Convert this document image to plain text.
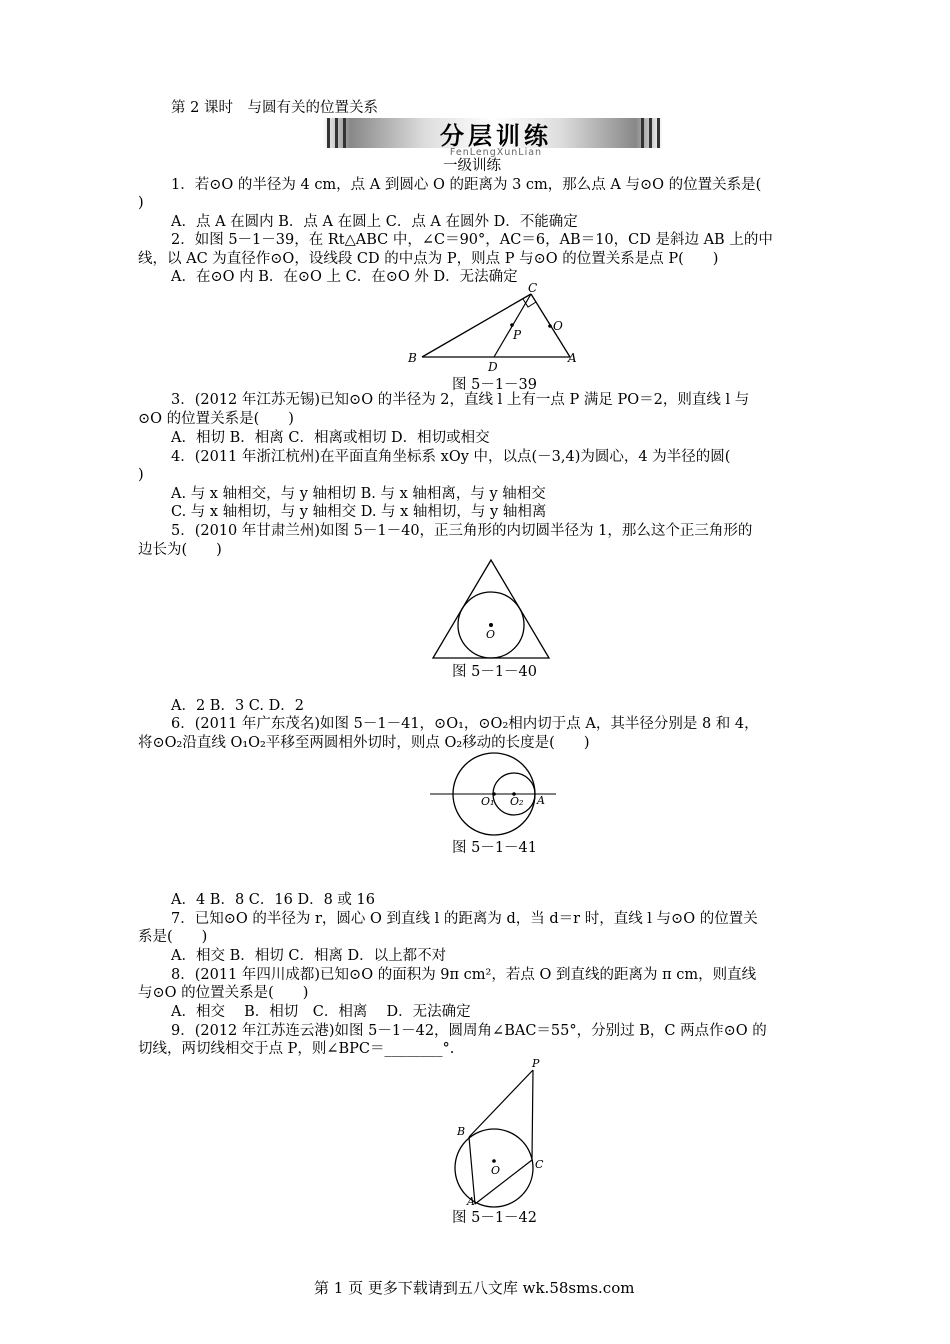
第 2 课时　与圆有关的位置关系
分层训练
FenLengXunLian
一级训练
1．若⊙O 的半径为 4 cm，点 A 到圆心 O 的距离为 3 cm，那么点 A 与⊙O 的位置关系是(
)
A．点 A 在圆内 B．点 A 在圆上 C．点 A 在圆外 D．不能确定
2．如图 5－1－39，在 Rt△ABC 中，∠C＝90°，AC＝6，AB＝10，CD 是斜边 AB 上的中
线，以 AC 为直径作⊙O，设线段 CD 的中点为 P，则点 P 与⊙O 的位置关系是点 P(　　)
A．在⊙O 内 B．在⊙O 上 C．在⊙O 外 D．无法确定
C
O
P
B
D
A
图 5－1－39
3．(2012 年江苏无锡)已知⊙O 的半径为 2，直线 l 上有一点 P 满足 PO＝2，则直线 l 与
⊙O 的位置关系是(　　)
A．相切 B．相离 C．相离或相切 D．相切或相交
4．(2011 年浙江杭州)在平面直角坐标系 xOy 中，以点(－3,4)为圆心，4 为半径的圆(
)
A. 与 x 轴相交，与 y 轴相切 B. 与 x 轴相离，与 y 轴相交
C. 与 x 轴相切，与 y 轴相交 D. 与 x 轴相切，与 y 轴相离
5．(2010 年甘肃兰州)如图 5－1－40，正三角形的内切圆半径为 1，那么这个正三角形的
边长为(　　)
O
图 5－1－40
A．2 B．3 C. D．2
6．(2011 年广东茂名)如图 5－1－41，⊙O₁，⊙O₂相内切于点 A，其半径分别是 8 和 4，
将⊙O₂沿直线 O₁O₂平移至两圆相外切时，则点 O₂移动的长度是(　　)
O₁ O₂ A
图 5－1－41
A．4 B．8 C．16 D．8 或 16
7．已知⊙O 的半径为 r，圆心 O 到直线 l 的距离为 d，当 d＝r 时，直线 l 与⊙O 的位置关
系是(　　)
A．相交 B．相切 C．相离 D．以上都不对
8．(2011 年四川成都)已知⊙O 的面积为 9π cm²，若点 O 到直线的距离为 π cm，则直线
与⊙O 的位置关系是(　　)
A．相交　 B．相切　C．相离　 D．无法确定
9．(2012 年江苏连云港)如图 5－1－42，圆周角∠BAC＝55°，分别过 B，C 两点作⊙O 的
切线，两切线相交于点 P，则∠BPC＝________°.
P
B
O	C
A
图 5－1－42
第 1 页 更多下载请到五八文库 wk.58sms.com
